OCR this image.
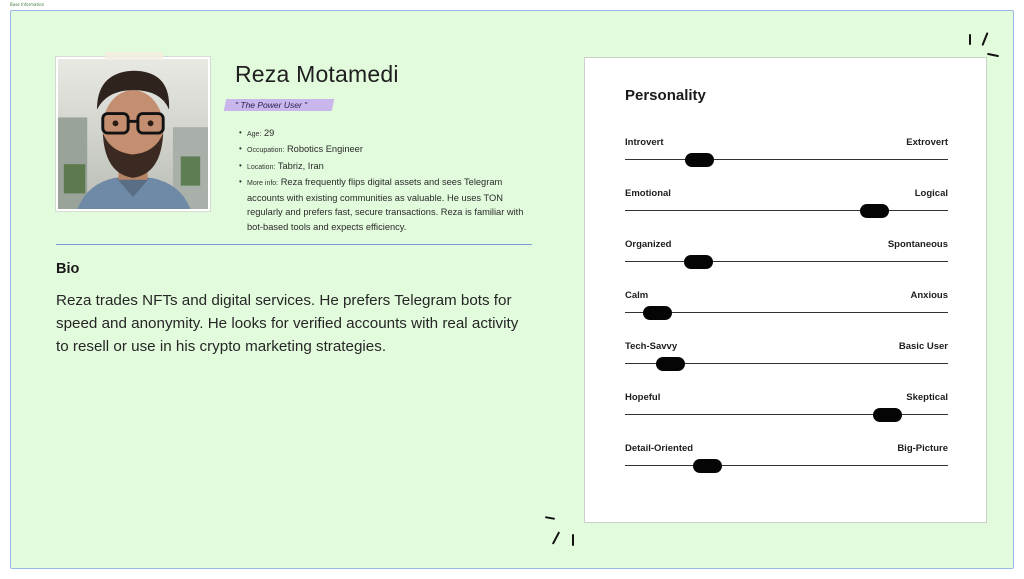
Base Information
Reza Motamedi
" The Power User "
• Age: 29
• Occupation: Robotics Engineer
• Location: Tabriz, Iran
• More info: Reza frequently flips digital assets and sees Telegram accounts with existing communities as valuable. He uses TON regularly and prefers fast, secure transactions. Reza is familiar with bot-based tools and expects efficiency.
Bio
Reza trades NFTs and digital services. He prefers Telegram bots for speed and anonymity. He looks for verified accounts with real activity to resell or use in his crypto marketing strategies.
Personality
Introvert	Extrovert
Emotional	Logical
Organized	Spontaneous
Calm	Anxious
Tech-Savvy	Basic User
Hopeful	Skeptical
Detail-Oriented	Big-Picture
